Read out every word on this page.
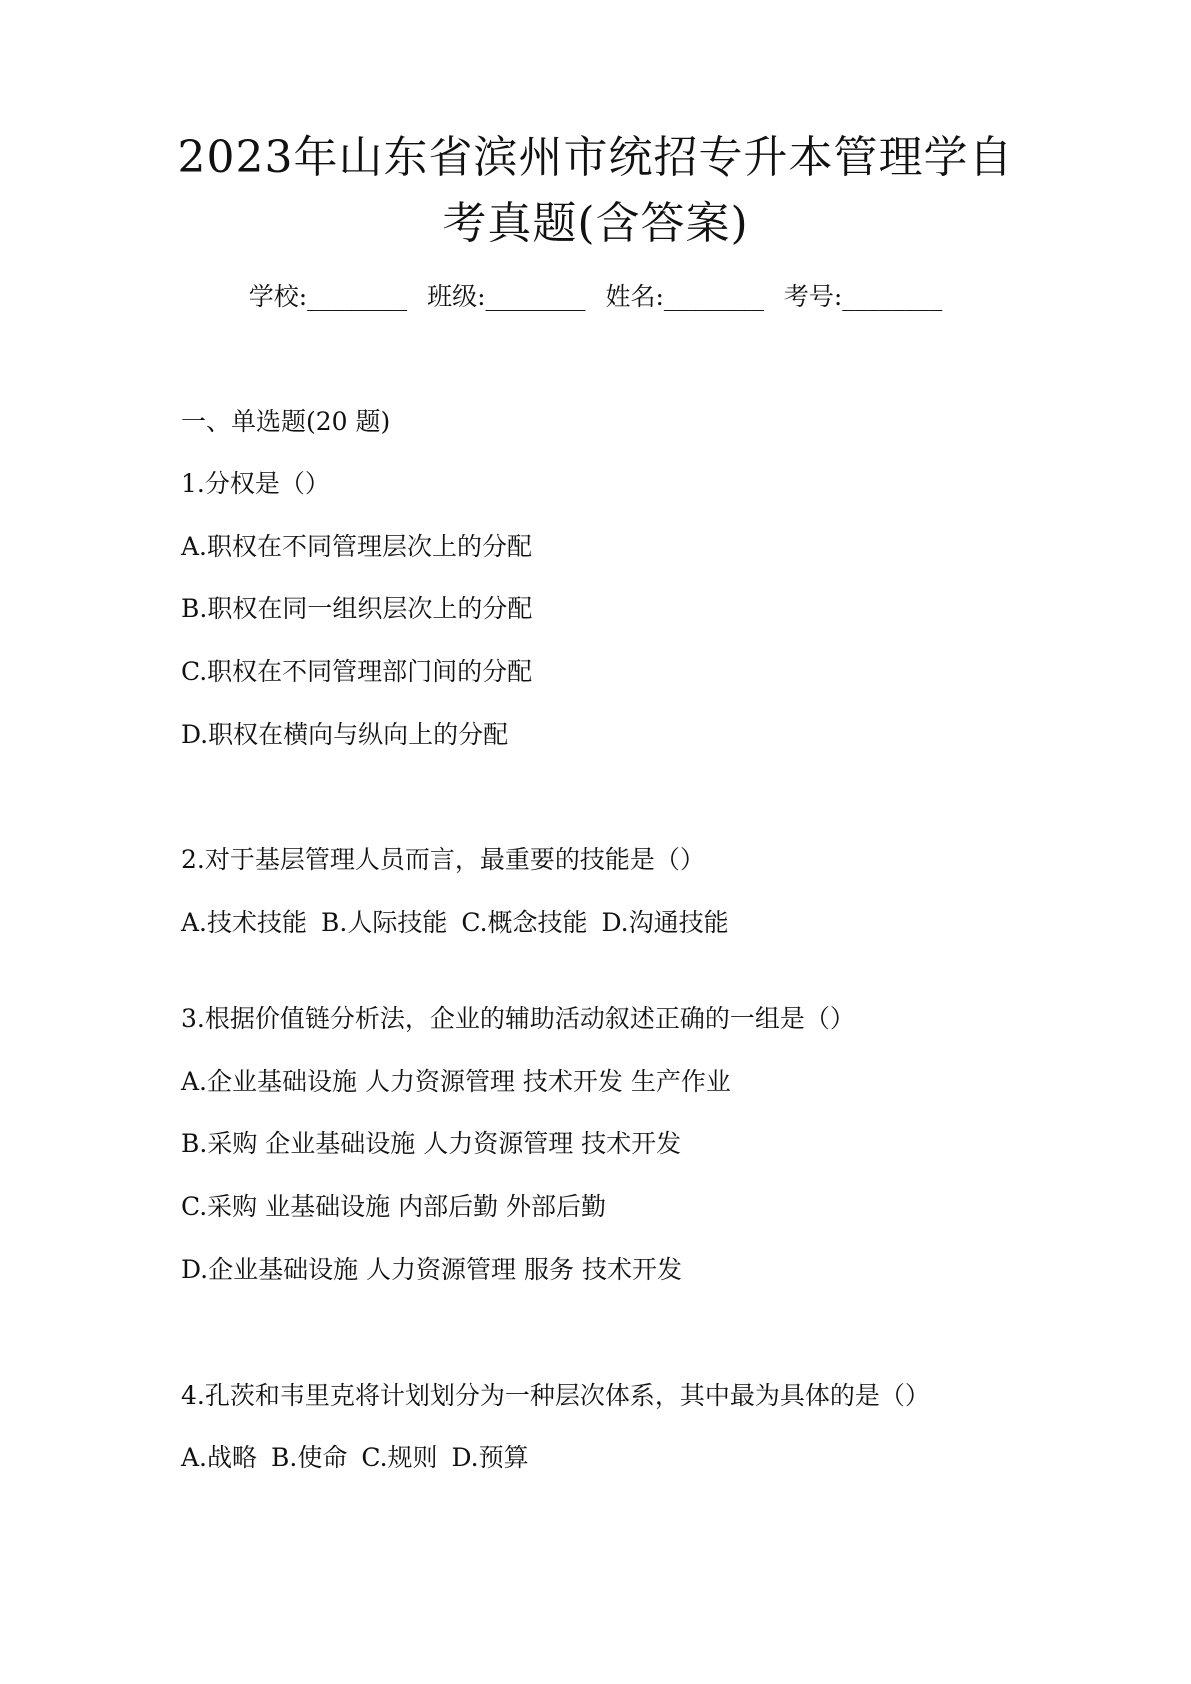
2023年山东省滨州市统招专升本管理学自
考真题(含答案)
学校:________ 班级:________ 姓名:________ 考号:________
一、单选题(20 题)
1.分权是（）
A.职权在不同管理层次上的分配
B.职权在同一组织层次上的分配
C.职权在不同管理部门间的分配
D.职权在横向与纵向上的分配
2.对于基层管理人员而言，最重要的技能是（）
A.技术技能 B.人际技能 C.概念技能 D.沟通技能
3.根据价值链分析法，企业的辅助活动叙述正确的一组是（）
A.企业基础设施 人力资源管理 技术开发 生产作业
B.采购 企业基础设施 人力资源管理 技术开发
C.采购 业基础设施 内部后勤 外部后勤
D.企业基础设施 人力资源管理 服务 技术开发
4.孔茨和韦里克将计划划分为一种层次体系，其中最为具体的是（）
A.战略 B.使命 C.规则 D.预算
